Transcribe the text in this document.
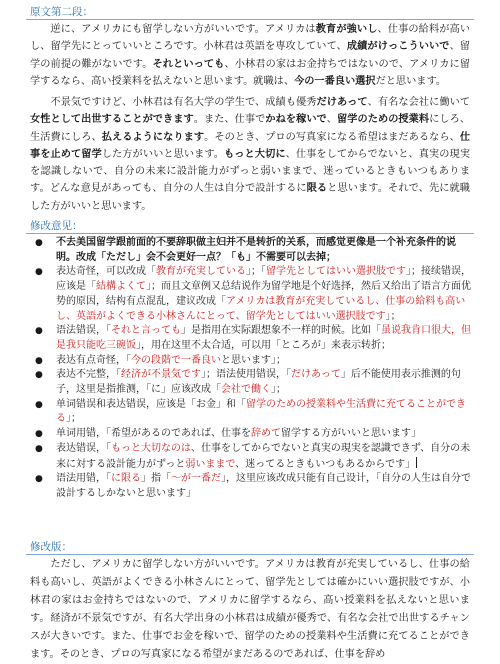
原文第二段：

逆に、アメリカにも留学しない方がいいです。アメリカは教育が強いし、仕事の給料が高いし、留学先にとっていいところです。小林君は英語を専攻していて、成績がけっこういいで、留学の前提の難がないです。それといっても、小林君の家はお金持ちではないので、アメリカに留学するなら、高い授業料を払えないと思います。就職は、今の一番良い選択だと思います。

不景気ですけど、小林君は有名大学の学生で、成績も優秀だけあって、有名な会社に働いて女性として出世することができます。また、仕事でかねを稼いで、留学のための授業料にしろ、生活費にしろ、払えるようになります。そのとき、プロの写真家になる希望はまだあるなら、仕事を止めて留学した方がいいと思います。もっと大切に、仕事をしてからでないと、真実の現実を認識しないで、自分の未来に設計能力がずっと弱いままで、迷っているときもいつもあります。どんな意見があっても、自分の人生は自分で設計するに限ると思います。それで、先に就職した方がいいと思います。

修改意见：
● 不去美国留学跟前面的不要辞职做主妇并不是转折的关系，而感觉更像是一个补充条件的说明。改成「ただし」会不会更好一点？「も」不需要可以去掉；
● 表达奇怪，可以改成「教育が充実している」；「留学先としてはいい選択肢です」；接续错误，应该是「結構よくて」；而且文章例又总结说作为留学地是个好选择，然后又给出了语言方面优势的原因，结构有点混乱，建议改成「アメリカは教育が充実しているし、仕事の給料も高いし、英語がよくできる小林さんにとって、留学先としてはいい選択肢です」；
● 语法错误，「それと言っても」是指用在实际跟想象不一样的时候。比如「虽说我肯口很大，但是我只能吃三碗饭」，用在这里不太合适，可以用「ところが」来表示转折；
● 表达有点奇怪，「今の段階で一番良いと思います」；
● 表达不完整，「经济が不景気です」；语法使用错误，「だけあって」后不能使用表示推测的句子，这里是指推测，「に」应该改成「会社で働く」；
● 单词错误和表达错误，应该是「お金」和「留学のための授業料や生活費に充てることができる」；
● 单词用错，「希望があるのであれば、仕事を辞めて留学する方がいいと思います」
● 表达错误，「もっと大切なのは、仕事をしてからでないと真実の現実を認識できず、自分の未来に対する設計能力がずっと弱いままで、迷ってるときもいつもあるからです」
● 语法用错，「に限る」指「～が一番だ」，这里应该改成只能有自己设计，「自分の人生は自分で設計するしかないと思います」
修改版：

ただし、アメリカに留学しない方がいいです。アメリカは教育が充実しているし、仕事の給料も高いし、英語がよくできる小林さんにとって、留学先としては確かにいい選択肢ですが、小林君の家はお金持ちではないので、アメリカに留学するなら、高い授業料を払えないと思います。 経済が不景気ですが、有名大学出身の小林君は成績が優秀で、有名な会社で出世するチャンスが大きいです。また、仕事でお金を稼いで、留学のための授業料や生活費に充てることができます。そのとき、プロの写真家になる希望がまだあるのであれば、仕事を辞め
